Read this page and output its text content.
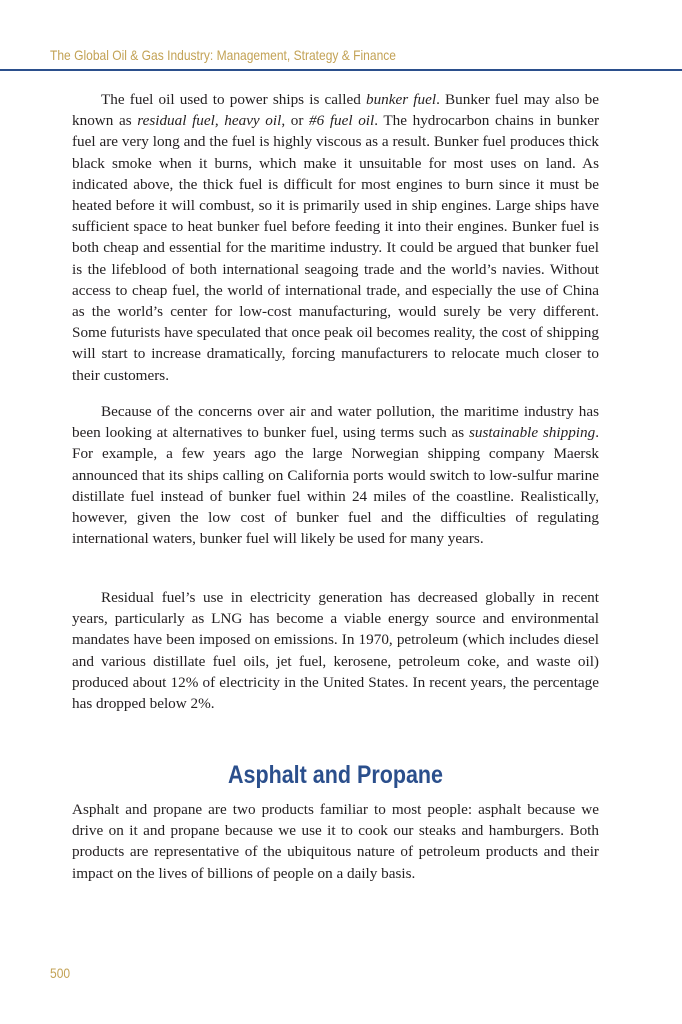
The Global Oil & Gas Industry: Management, Strategy & Finance

The fuel oil used to power ships is called bunker fuel. Bunker fuel may also be known as residual fuel, heavy oil, or #6 fuel oil. The hydrocarbon chains in bunker fuel are very long and the fuel is highly viscous as a result. Bunker fuel produces thick black smoke when it burns, which make it unsuitable for most uses on land. As indicated above, the thick fuel is difficult for most engines to burn since it must be heated before it will combust, so it is primarily used in ship engines. Large ships have sufficient space to heat bunker fuel before feeding it into their engines. Bunker fuel is both cheap and essential for the maritime industry. It could be argued that bunker fuel is the lifeblood of both international seagoing trade and the world’s navies. Without access to cheap fuel, the world of international trade, and especially the use of China as the world’s center for low-cost manufacturing, would surely be very different. Some futurists have speculated that once peak oil becomes reality, the cost of shipping will start to increase dramatically, forcing manufacturers to relocate much closer to their customers.

Because of the concerns over air and water pollution, the maritime industry has been looking at alternatives to bunker fuel, using terms such as sustainable shipping. For example, a few years ago the large Norwegian shipping company Maersk announced that its ships calling on California ports would switch to low-sulfur marine distillate fuel instead of bunker fuel within 24 miles of the coastline. Realistically, however, given the low cost of bunker fuel and the difficulties of regulating international waters, bunker fuel will likely be used for many years.

Residual fuel’s use in electricity generation has decreased globally in recent years, particularly as LNG has become a viable energy source and environmental mandates have been imposed on emissions. In 1970, petroleum (which includes diesel and various distillate fuel oils, jet fuel, kerosene, petroleum coke, and waste oil) produced about 12% of electricity in the United States. In recent years, the percentage has dropped below 2%.

Asphalt and Propane

Asphalt and propane are two products familiar to most people: asphalt because we drive on it and propane because we use it to cook our steaks and hamburgers. Both products are representative of the ubiquitous nature of petroleum products and their impact on the lives of billions of people on a daily basis.

500
